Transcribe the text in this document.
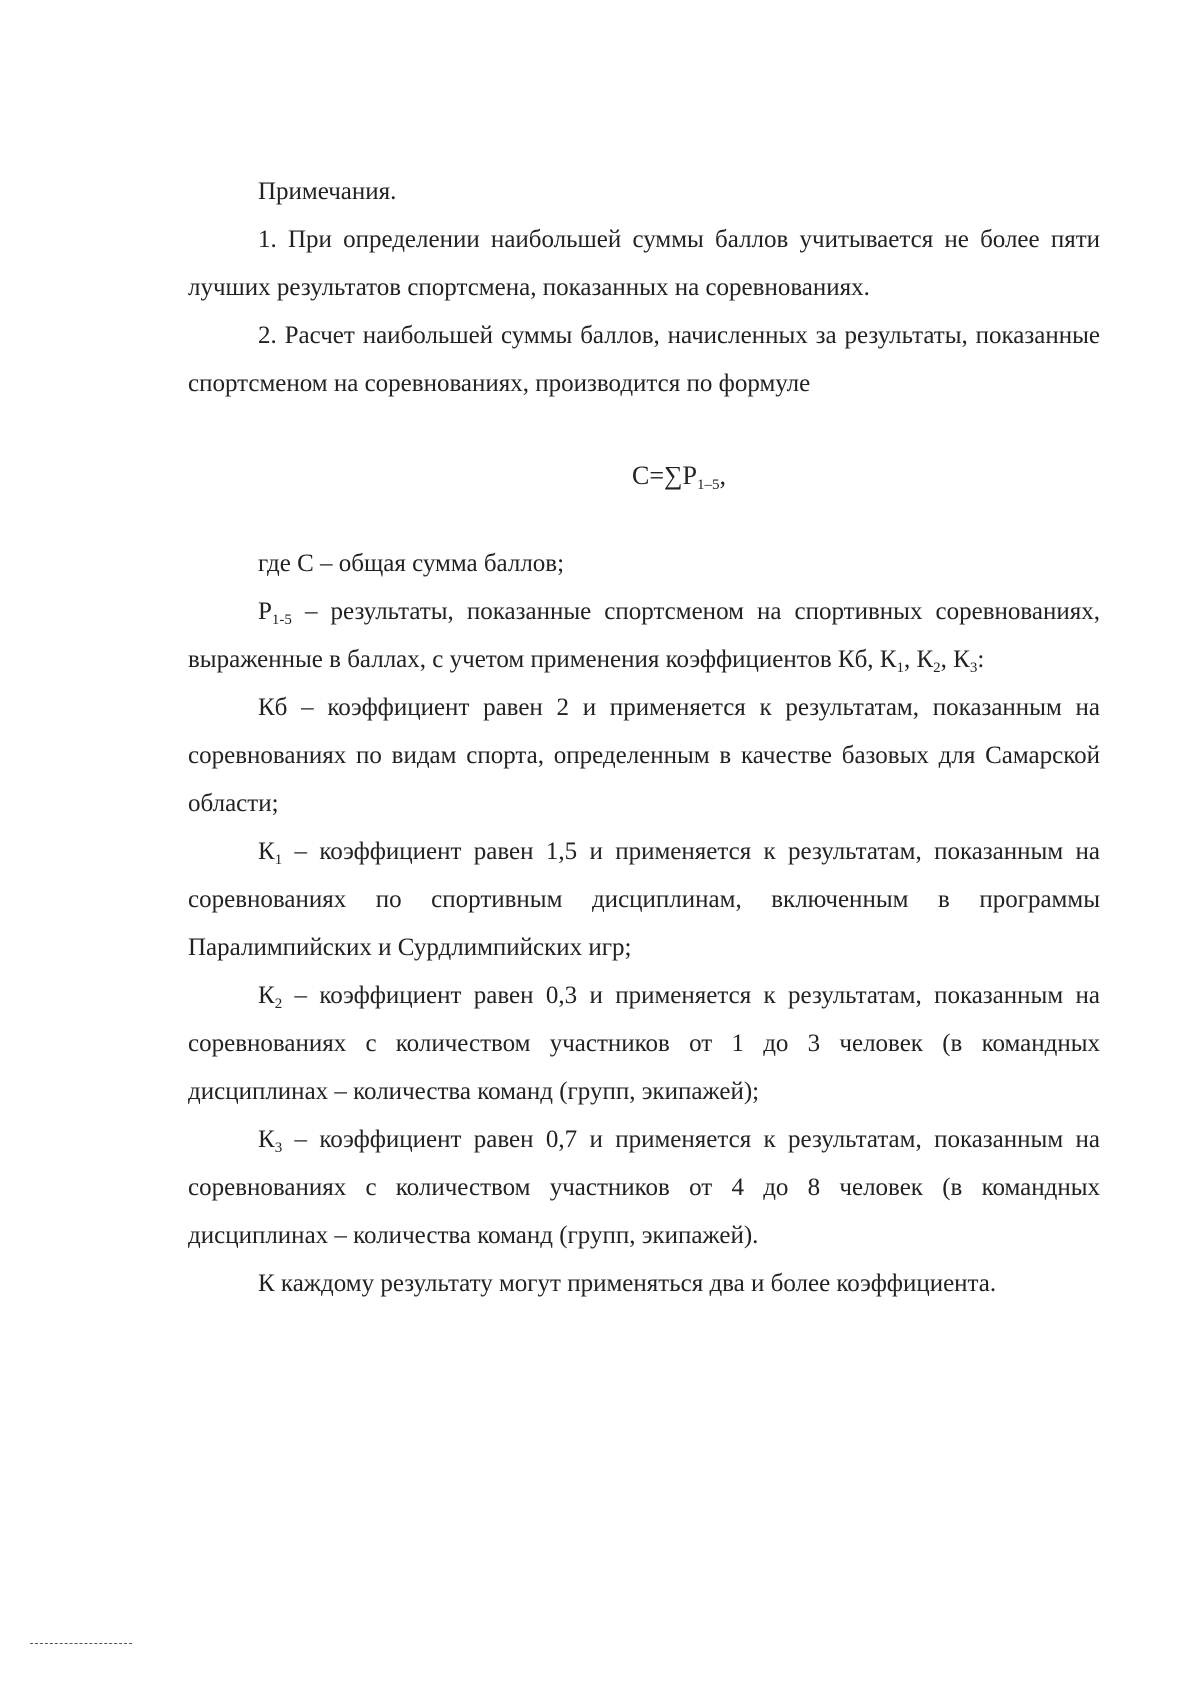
Примечания.

1. При определении наибольшей суммы баллов учитывается не более пяти лучших результатов спортсмена, показанных на соревнованиях.

2. Расчет наибольшей суммы баллов, начисленных за результаты, показанные спортсменом на соревнованиях, производится по формуле

$С=\sum Р_{1-5}$,

где С – общая сумма баллов;

$Р_{1-5}$ – результаты, показанные спортсменом на спортивных соревнованиях, выраженные в баллах, с учетом применения коэффициентов Кб, $К_1$, $К_2$, $К_3$:

Кб – коэффициент равен 2 и применяется к результатам, показанным на соревнованиях по видам спорта, определенным в качестве базовых для Самарской области;

$К_1$ – коэффициент равен 1,5 и применяется к результатам, показанным на соревнованиях по спортивным дисциплинам, включенным в программы Паралимпийских и Сурдлимпийских игр;

$К_2$ – коэффициент равен 0,3 и применяется к результатам, показанным на соревнованиях с количеством участников от 1 до 3 человек (в командных дисциплинах – количества команд (групп, экипажей);

$К_3$ – коэффициент равен 0,7 и применяется к результатам, показанным на соревнованиях с количеством участников от 4 до 8 человек (в командных дисциплинах – количества команд (групп, экипажей).

К каждому результату могут применяться два и более коэффициента.
